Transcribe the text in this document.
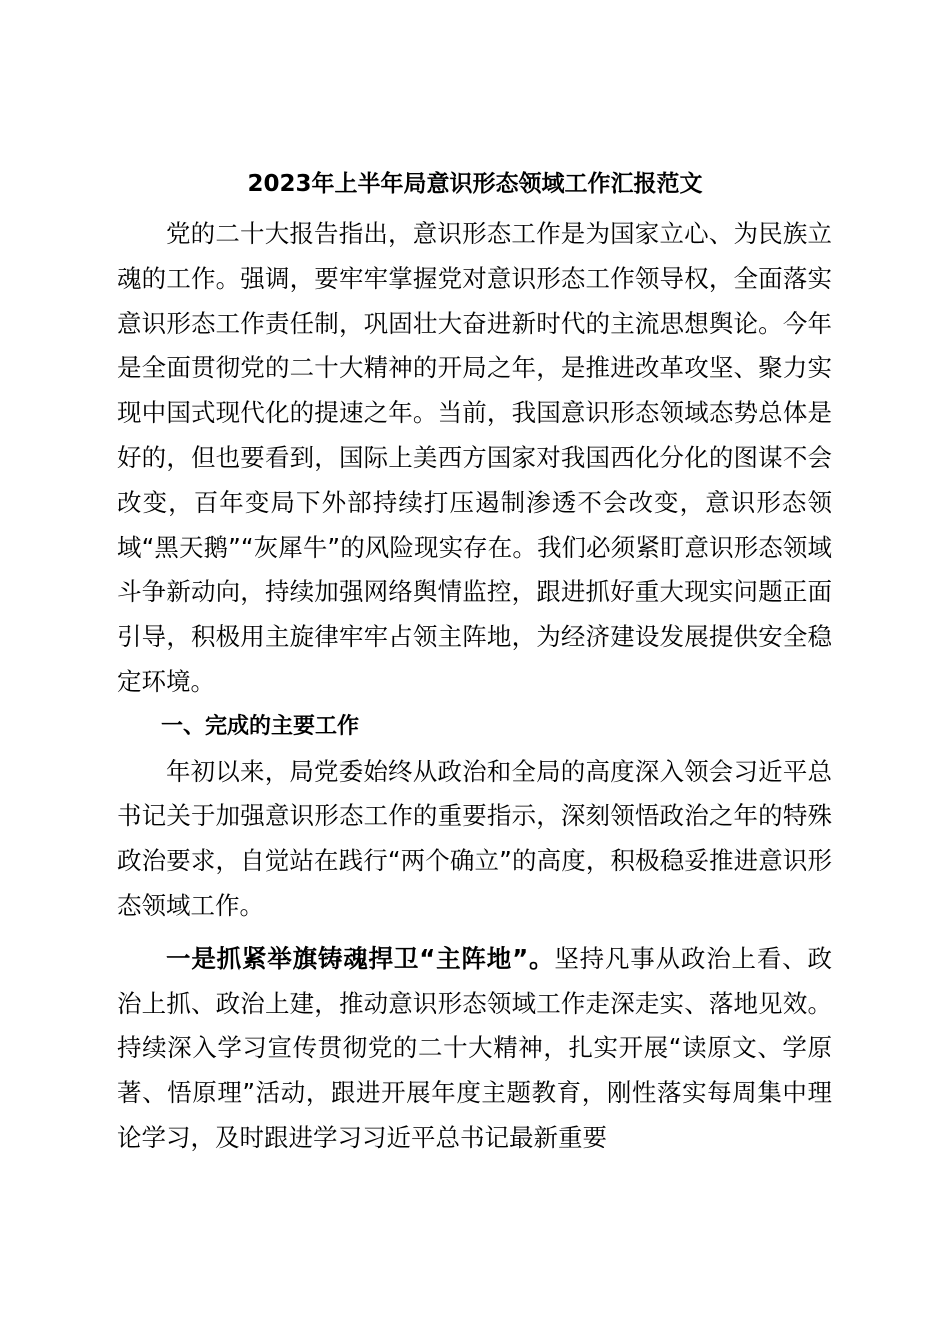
2023年上半年局意识形态领域工作汇报范文

党的二十大报告指出，意识形态工作是为国家立心、为民族立魂的工作。强调，要牢牢掌握党对意识形态工作领导权，全面落实意识形态工作责任制，巩固壮大奋进新时代的主流思想舆论。今年是全面贯彻党的二十大精神的开局之年，是推进改革攻坚、聚力实现中国式现代化的提速之年。当前，我国意识形态领域态势总体是好的，但也要看到，国际上美西方国家对我国西化分化的图谋不会改变，百年变局下外部持续打压遏制渗透不会改变，意识形态领域“黑天鹅”“灰犀牛”的风险现实存在。我们必须紧盯意识形态领域斗争新动向，持续加强网络舆情监控，跟进抓好重大现实问题正面引导，积极用主旋律牢牢占领主阵地，为经济建设发展提供安全稳定环境。

一、完成的主要工作

年初以来，局党委始终从政治和全局的高度深入领会习近平总书记关于加强意识形态工作的重要指示，深刻领悟政治之年的特殊政治要求，自觉站在践行“两个确立”的高度，积极稳妥推进意识形态领域工作。

一是抓紧举旗铸魂捍卫“主阵地”。坚持凡事从政治上看、政治上抓、政治上建，推动意识形态领域工作走深走实、落地见效。持续深入学习宣传贯彻党的二十大精神，扎实开展“读原文、学原著、悟原理”活动，跟进开展年度主题教育，刚性落实每周集中理论学习，及时跟进学习习近平总书记最新重要
